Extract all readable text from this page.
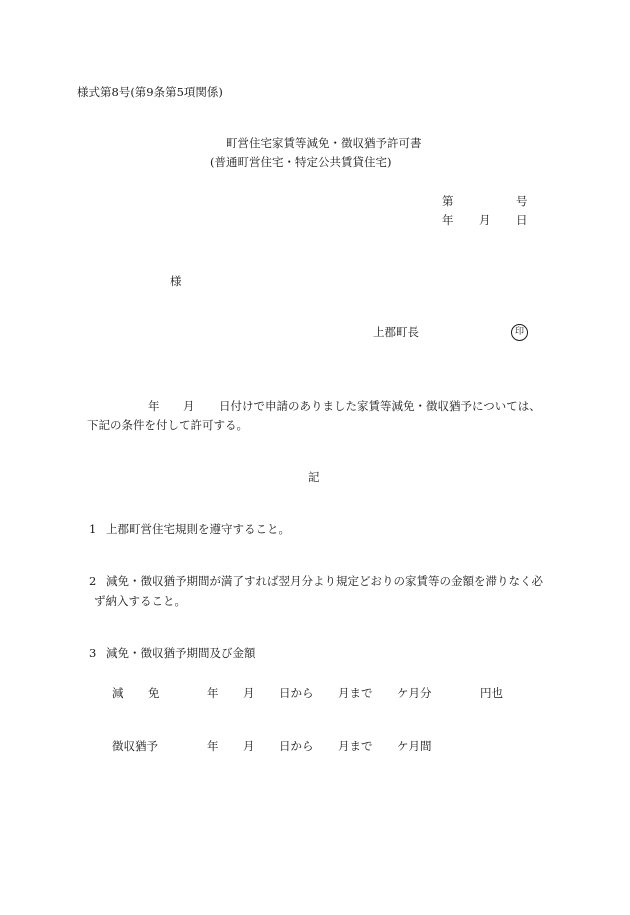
様式第8号(第9条第5項関係)
町営住宅家賃等減免・徴収猶予許可書
(普通町営住宅・特定公共賃貸住宅)
第	号
年 月 日
様
上郡町長	印
年 月 日付けで申請のありました家賃等減免・徴収猶予については、
下記の条件を付して許可する。
記
1 上郡町営住宅規則を遵守すること。
2 減免・徴収猶予期間が満了すれば翌月分より規定どおりの家賃等の金額を滞りなく必
ず納入すること。
3 減免・徴収猶予期間及び金額
減 免	年 月 日から 月まで ケ月分	円也
徴収猶予	年 月 日から 月まで ケ月間
